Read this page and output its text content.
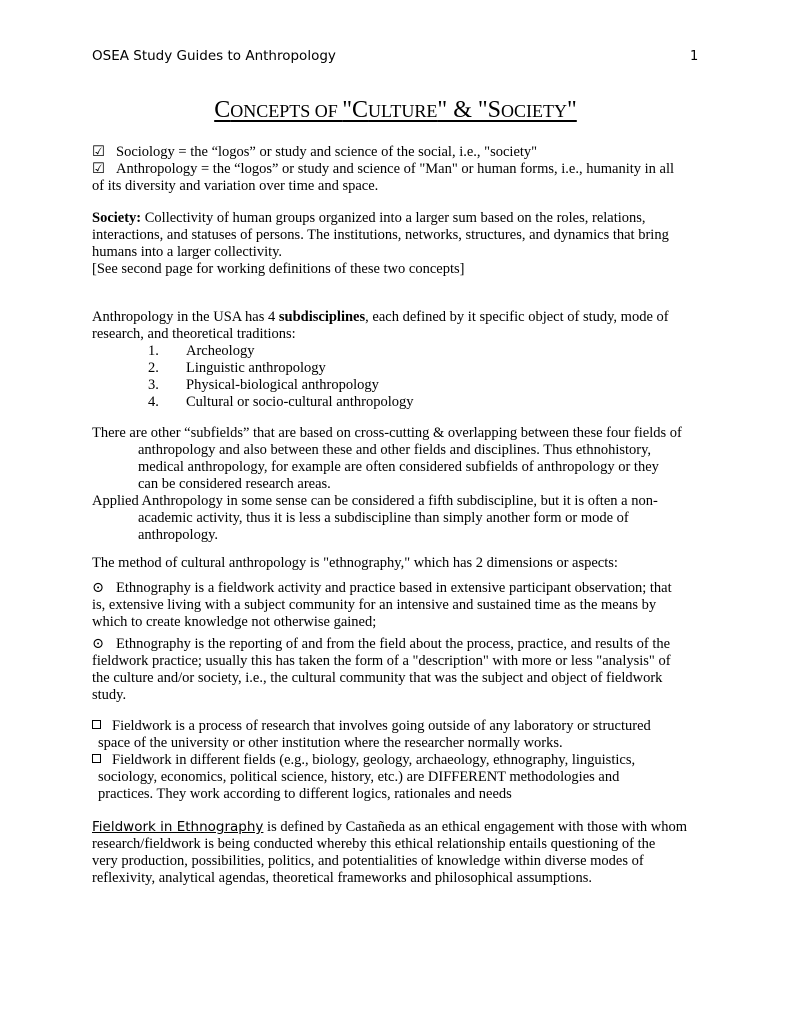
OSEA Study Guides to Anthropology	1
CONCEPTS OF "CULTURE" & "SOCIETY"
☑ Sociology = the “logos” or study and science of the social, i.e., "society"
☑ Anthropology = the “logos” or study and science of "Man" or human forms, i.e., humanity in all
of its diversity and variation over time and space.
Society: Collectivity of human groups organized into a larger sum based on the roles, relations,
interactions, and statuses of persons. The institutions, networks, structures, and dynamics that bring
humans into a larger collectivity.
[See second page for working definitions of these two concepts]
Anthropology in the USA has 4 subdisciplines, each defined by it specific object of study, mode of
research, and theoretical traditions:
1. Archeology
2. Linguistic anthropology
3. Physical-biological anthropology
4. Cultural or socio-cultural anthropology
There are other “subfields” that are based on cross-cutting & overlapping between these four fields of
anthropology and also between these and other fields and disciplines. Thus ethnohistory,
medical anthropology, for example are often considered subfields of anthropology or they
can be considered research areas.
Applied Anthropology in some sense can be considered a fifth subdiscipline, but it is often a non-
academic activity, thus it is less a subdiscipline than simply another form or mode of
anthropology.
The method of cultural anthropology is "ethnography," which has 2 dimensions or aspects:
⊙ Ethnography is a fieldwork activity and practice based in extensive participant observation; that
is, extensive living with a subject community for an intensive and sustained time as the means by
which to create knowledge not otherwise gained;
⊙ Ethnography is the reporting of and from the field about the process, practice, and results of the
fieldwork practice; usually this has taken the form of a "description" with more or less "analysis" of
the culture and/or society, i.e., the cultural community that was the subject and object of fieldwork
study.
Fieldwork is a process of research that involves going outside of any laboratory or structured
space of the university or other institution where the researcher normally works.
Fieldwork in different fields (e.g., biology, geology, archaeology, ethnography, linguistics,
sociology, economics, political science, history, etc.) are DIFFERENT methodologies and
practices. They work according to different logics, rationales and needs
Fieldwork in Ethnography is defined by Castañeda as an ethical engagement with those with whom
research/fieldwork is being conducted whereby this ethical relationship entails questioning of the
very production, possibilities, politics, and potentialities of knowledge within diverse modes of
reflexivity, analytical agendas, theoretical frameworks and philosophical assumptions.
